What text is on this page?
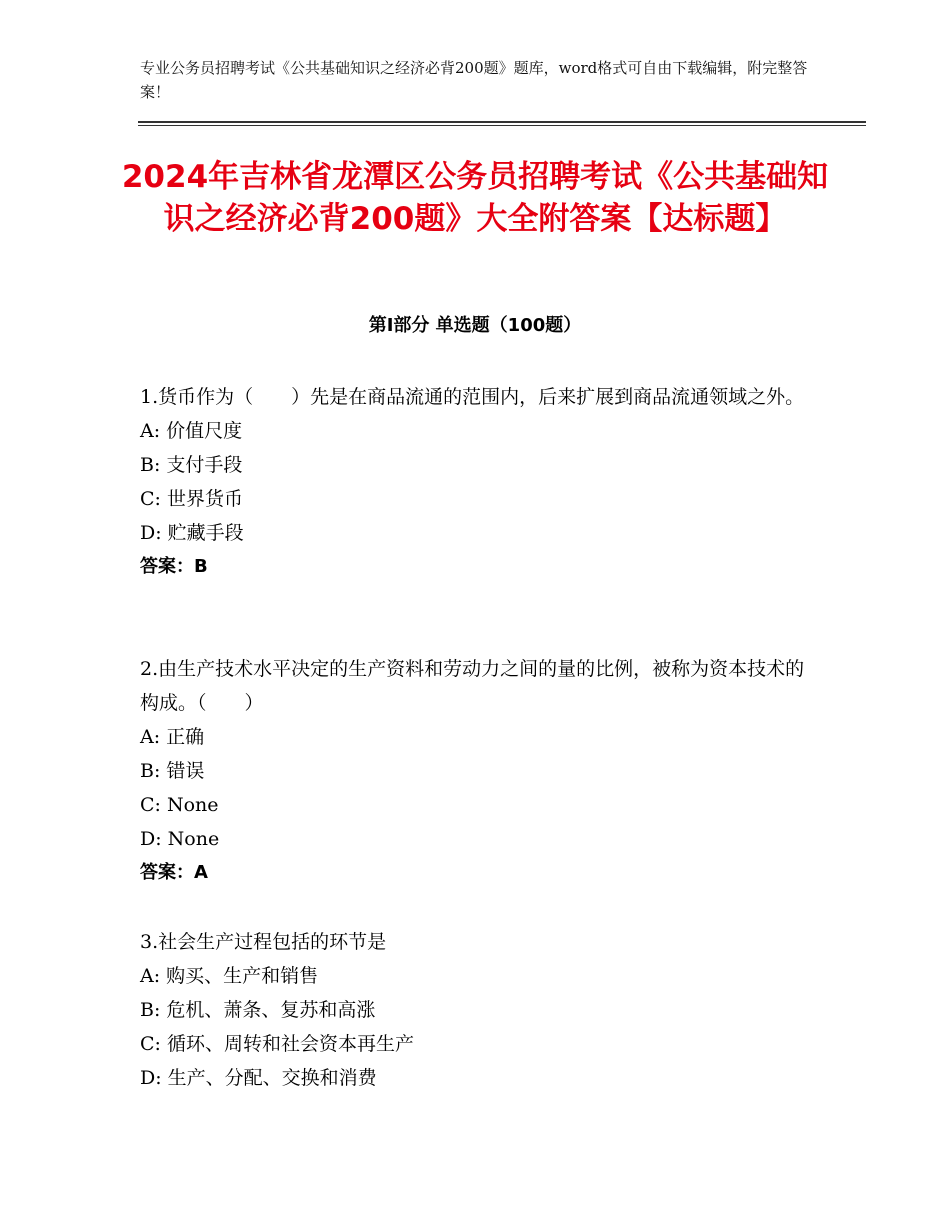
专业公务员招聘考试《公共基础知识之经济必背200题》题库，word格式可自由下载编辑，附完整答案！
2024年吉林省龙潭区公务员招聘考试《公共基础知识之经济必背200题》大全附答案【达标题】
第Ⅰ部分 单选题（100题）

1.货币作为（　　）先是在商品流通的范围内，后来扩展到商品流通领域之外。

A: 价值尺度

B: 支付手段

C: 世界货币

D: 贮藏手段

答案：B

2.由生产技术水平决定的生产资料和劳动力之间的量的比例，被称为资本技术的构成。（　　）

A: 正确

B: 错误

C: None

D: None

答案：A

3.社会生产过程包括的环节是

A: 购买、生产和销售

B: 危机、萧条、复苏和高涨

C: 循环、周转和社会资本再生产

D: 生产、分配、交换和消费
